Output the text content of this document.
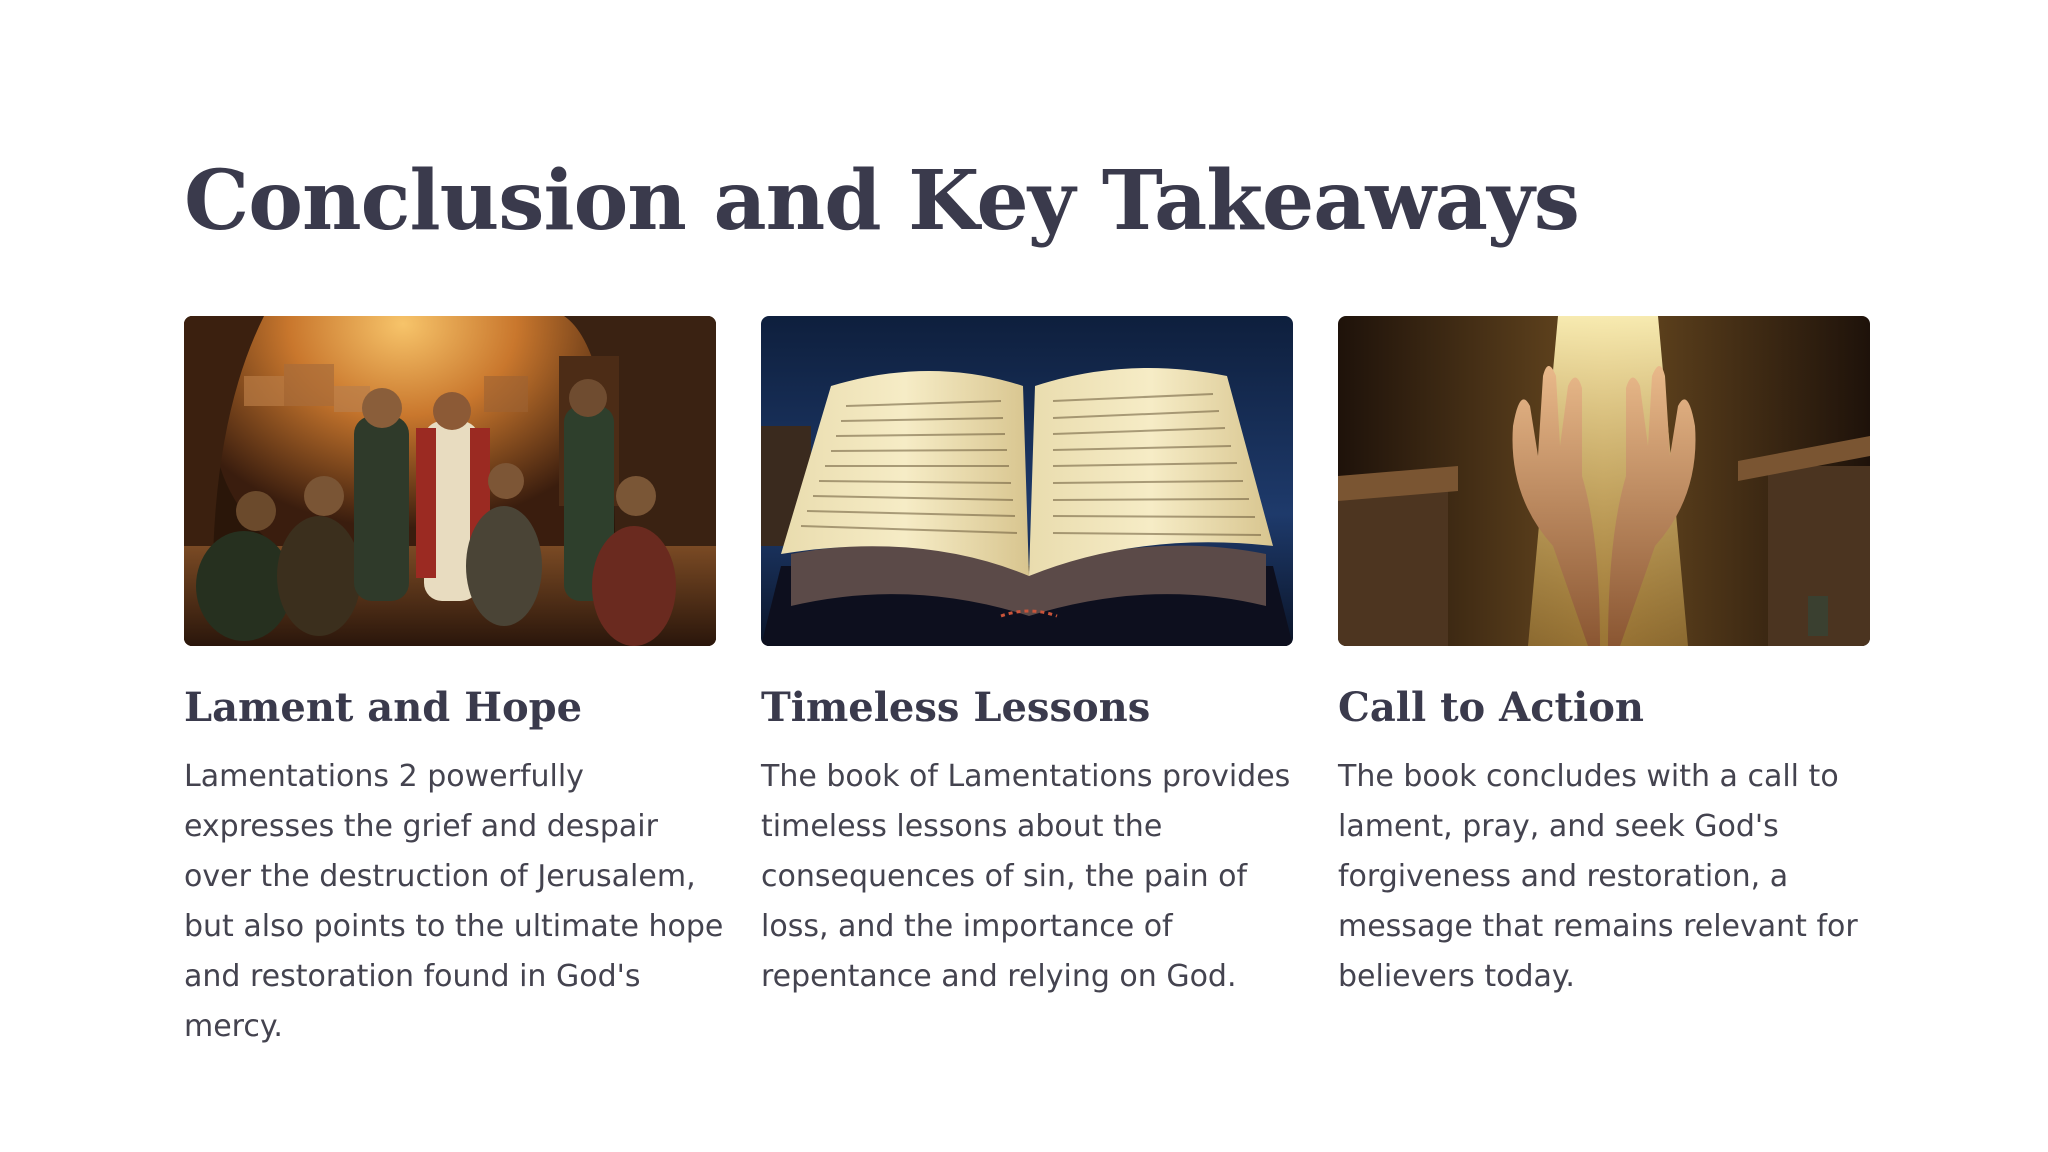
Conclusion and Key Takeaways
Lament and Hope

Lamentations 2 powerfully expresses the grief and despair over the destruction of Jerusalem, but also points to the ultimate hope and restoration found in God's mercy.

Timeless Lessons

The book of Lamentations provides timeless lessons about the consequences of sin, the pain of loss, and the importance of repentance and relying on God.

Call to Action

The book concludes with a call to lament, pray, and seek God's forgiveness and restoration, a message that remains relevant for believers today.
